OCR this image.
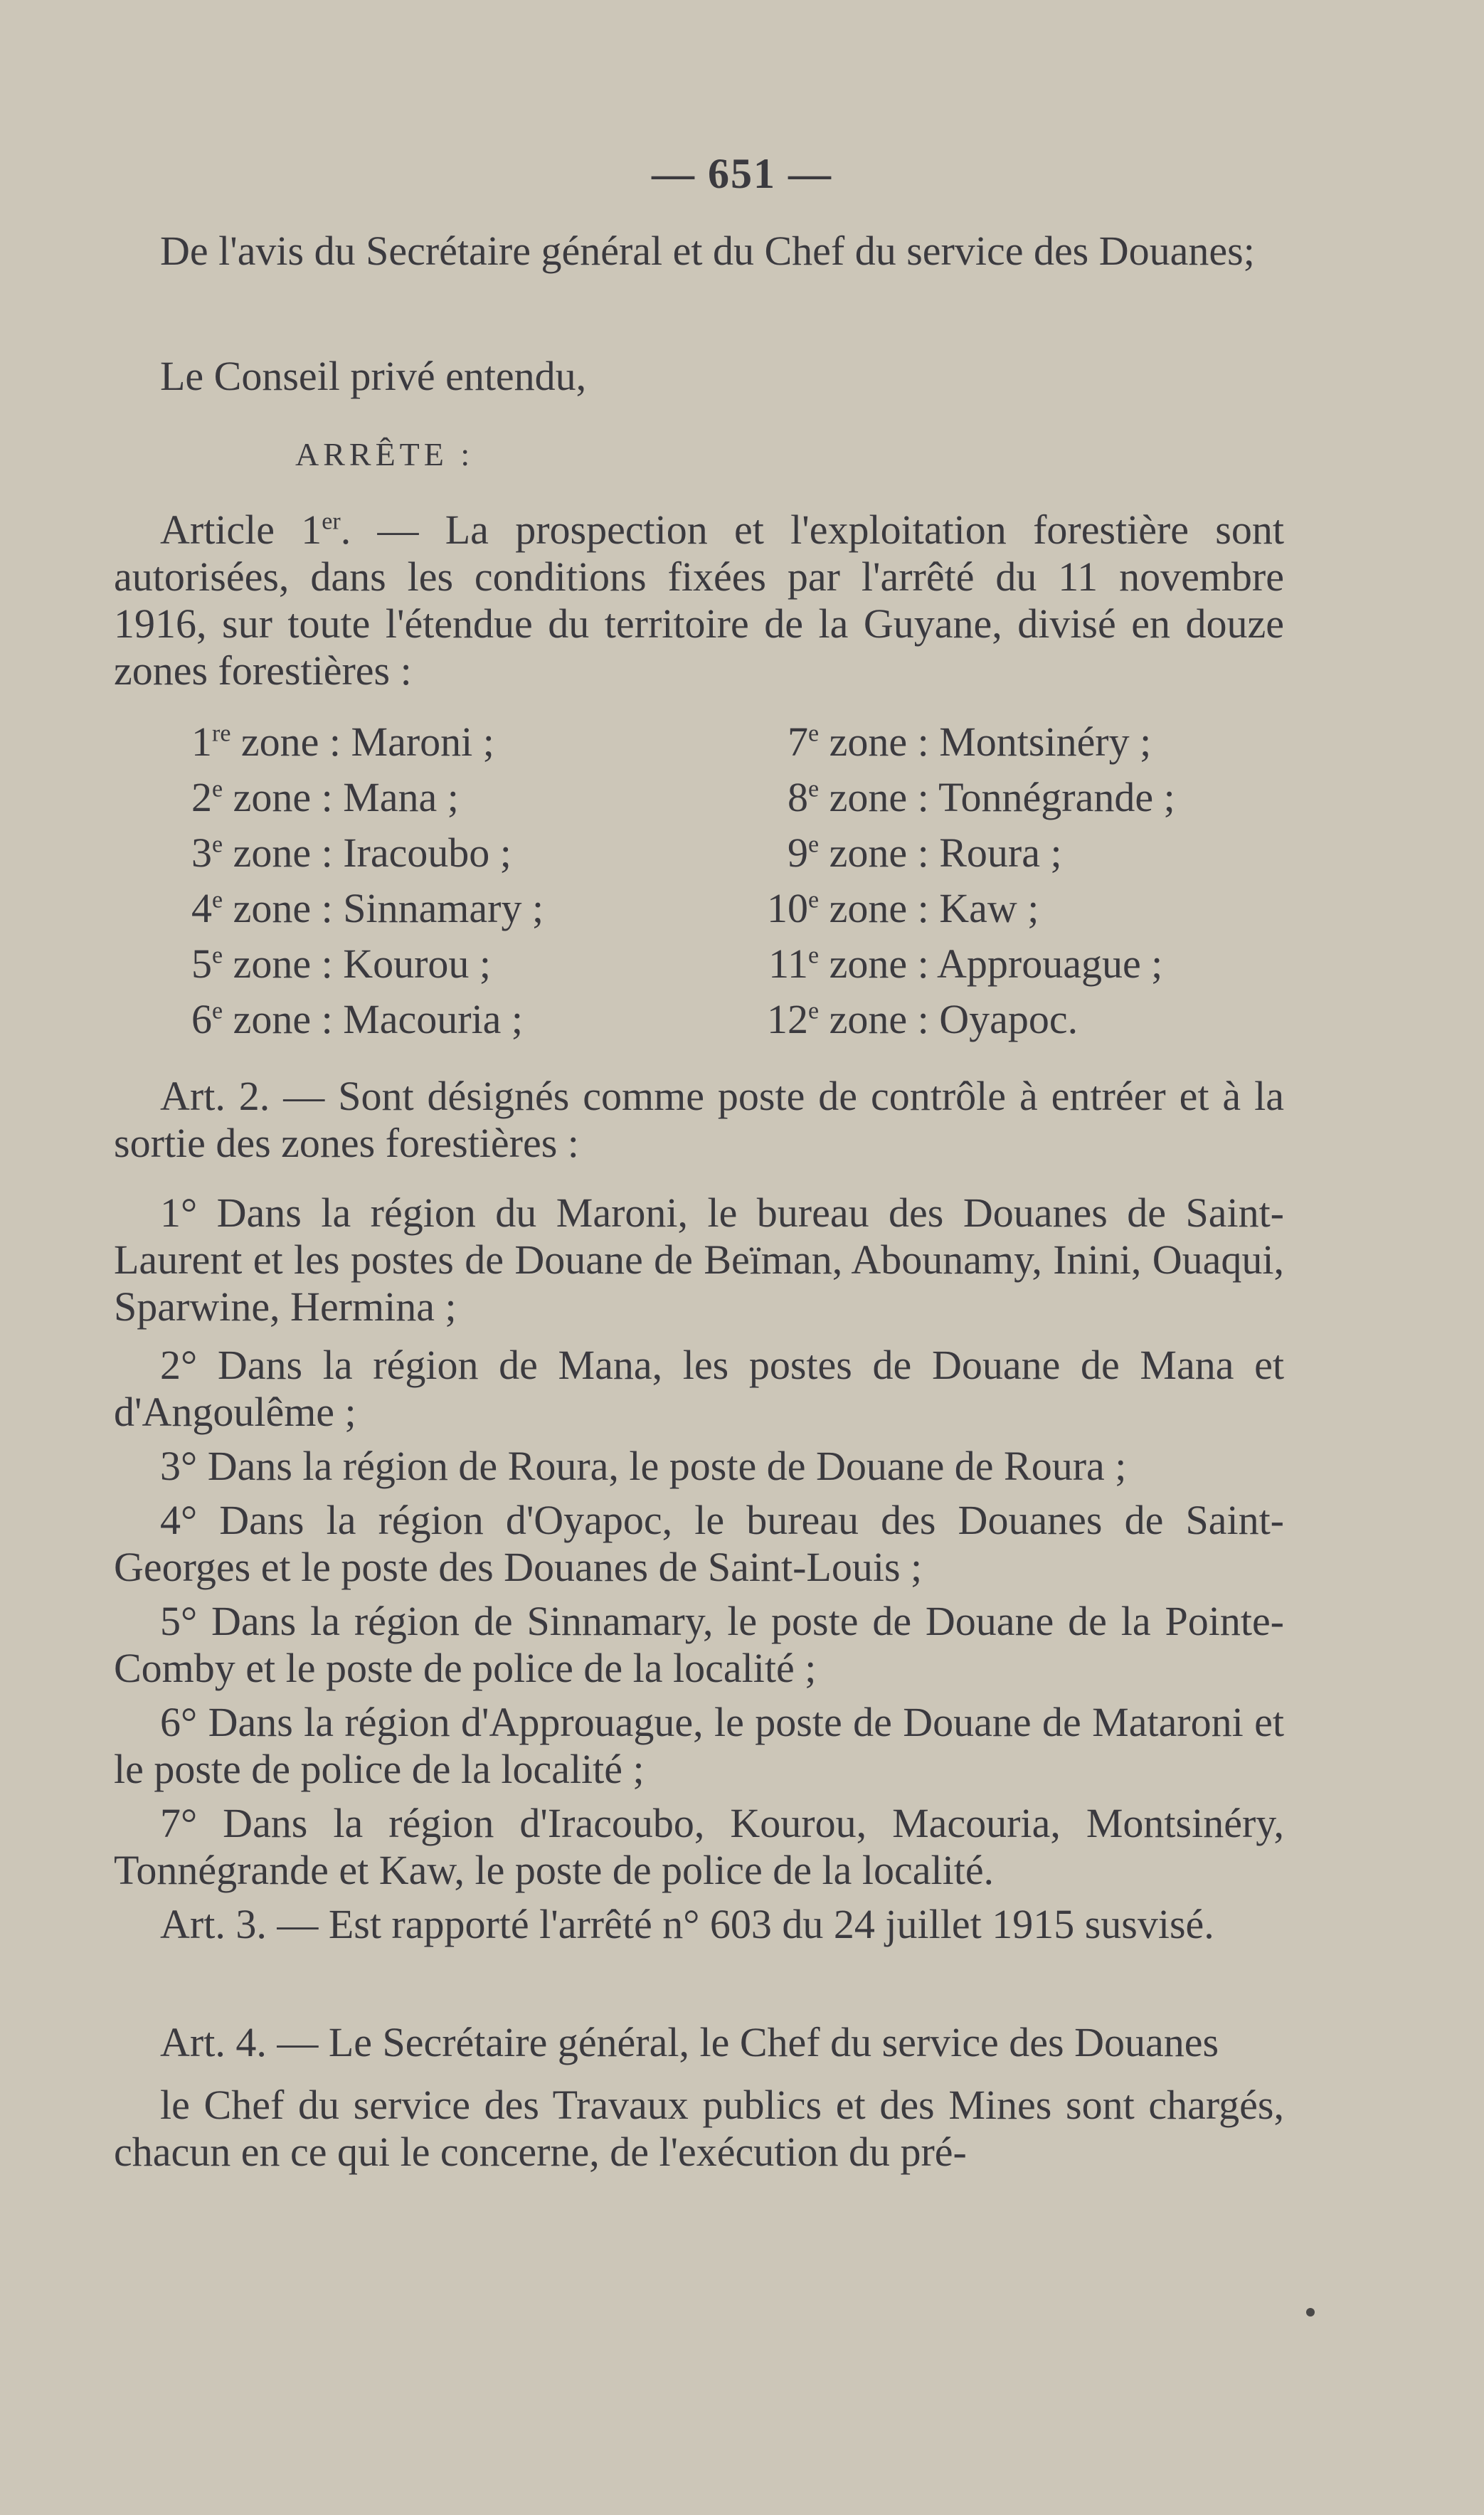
— 651 —

De l'avis du Secrétaire général et du Chef du service des Douanes;

Le Conseil privé entendu,

ARRÊTE :

Article 1er. — La prospection et l'exploitation forestière sont autorisées, dans les conditions fixées par l'arrêté du 11 novembre 1916, sur toute l'étendue du territoire de la Guyane, divisé en douze zones forestières :

1re zone : Maroni ;
2e zone : Mana ;
3e zone : Iracoubo ;
4e zone : Sinnamary ;
5e zone : Kourou ;
6e zone : Macouria ;
7e zone : Montsinéry ;
8e zone : Tonnégrande ;
9e zone : Roura ;
10e zone : Kaw ;
11e zone : Approuague ;
12e zone : Oyapoc.

Art. 2. — Sont désignés comme poste de contrôle à entréer et à la sortie des zones forestières :

1° Dans la région du Maroni, le bureau des Douanes de Saint-Laurent et les postes de Douane de Beïman, Abounamy, Inini, Ouaqui, Sparwine, Hermina ;

2° Dans la région de Mana, les postes de Douane de Mana et d'Angoulême ;

3° Dans la région de Roura, le poste de Douane de Roura ;

4° Dans la région d'Oyapoc, le bureau des Douanes de Saint-Georges et le poste des Douanes de Saint-Louis ;

5° Dans la région de Sinnamary, le poste de Douane de la Pointe-Comby et le poste de police de la localité ;

6° Dans la région d'Approuague, le poste de Douane de Mataroni et le poste de police de la localité ;

7° Dans la région d'Iracoubo, Kourou, Macouria, Montsinéry, Tonnégrande et Kaw, le poste de police de la localité.

Art. 3. — Est rapporté l'arrêté n° 603 du 24 juillet 1915 susvisé.

Art. 4. — Le Secrétaire général, le Chef du service des Douanes

le Chef du service des Travaux publics et des Mines sont chargés, chacun en ce qui le concerne, de l'exécution du pré-
